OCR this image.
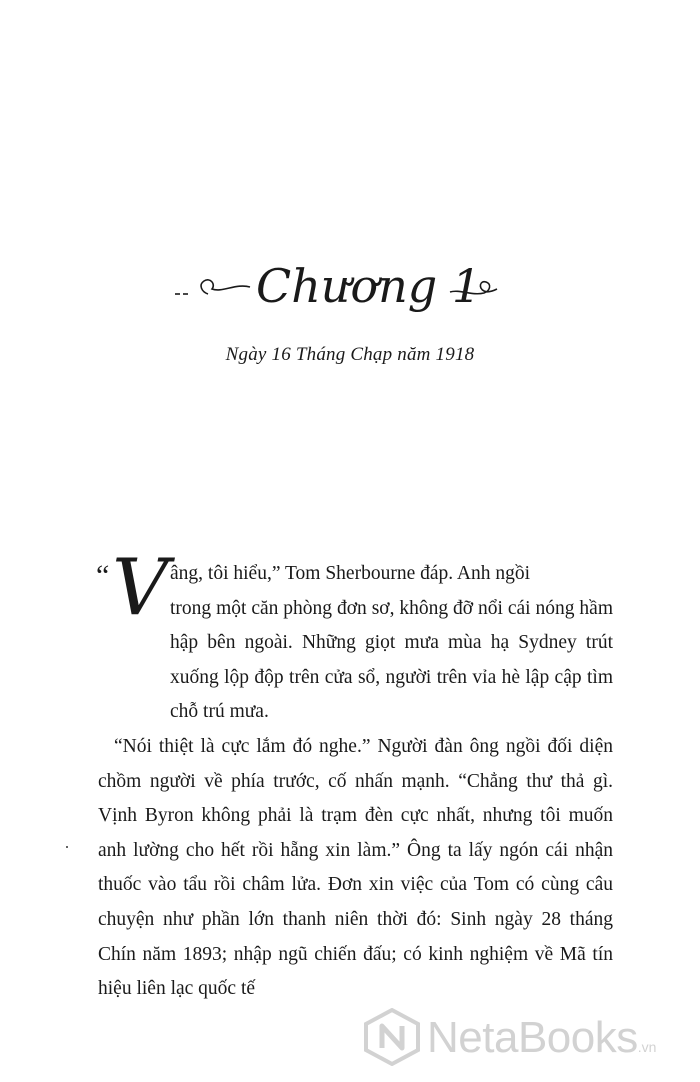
Chương 1
Ngày 16 Tháng Chạp năm 1918
“ V âng, tôi hiểu,” Tom Sherbourne đáp. Anh ngồi
trong một căn phòng đơn sơ, không đỡ nổi cái nóng hầm hập bên ngoài. Những giọt mưa mùa hạ Sydney trút xuống lộp độp trên cửa sổ, người trên vỉa hè lập cập tìm chỗ trú mưa.

“Nói thiệt là cực lắm đó nghe.” Người đàn ông ngồi đối diện chồm người về phía trước, cố nhấn mạnh. “Chẳng thư thả gì. Vịnh Byron không phải là trạm đèn cực nhất, nhưng tôi muốn anh lường cho hết rồi hẵng xin làm.” Ông ta lấy ngón cái nhận thuốc vào tẩu rồi châm lửa. Đơn xin việc của Tom có cùng câu chuyện như phần lớn thanh niên thời đó: Sinh ngày 28 tháng Chín năm 1893; nhập ngũ chiến đấu; có kinh nghiệm về Mã tín hiệu liên lạc quốc tế

NetaBooks.vn
